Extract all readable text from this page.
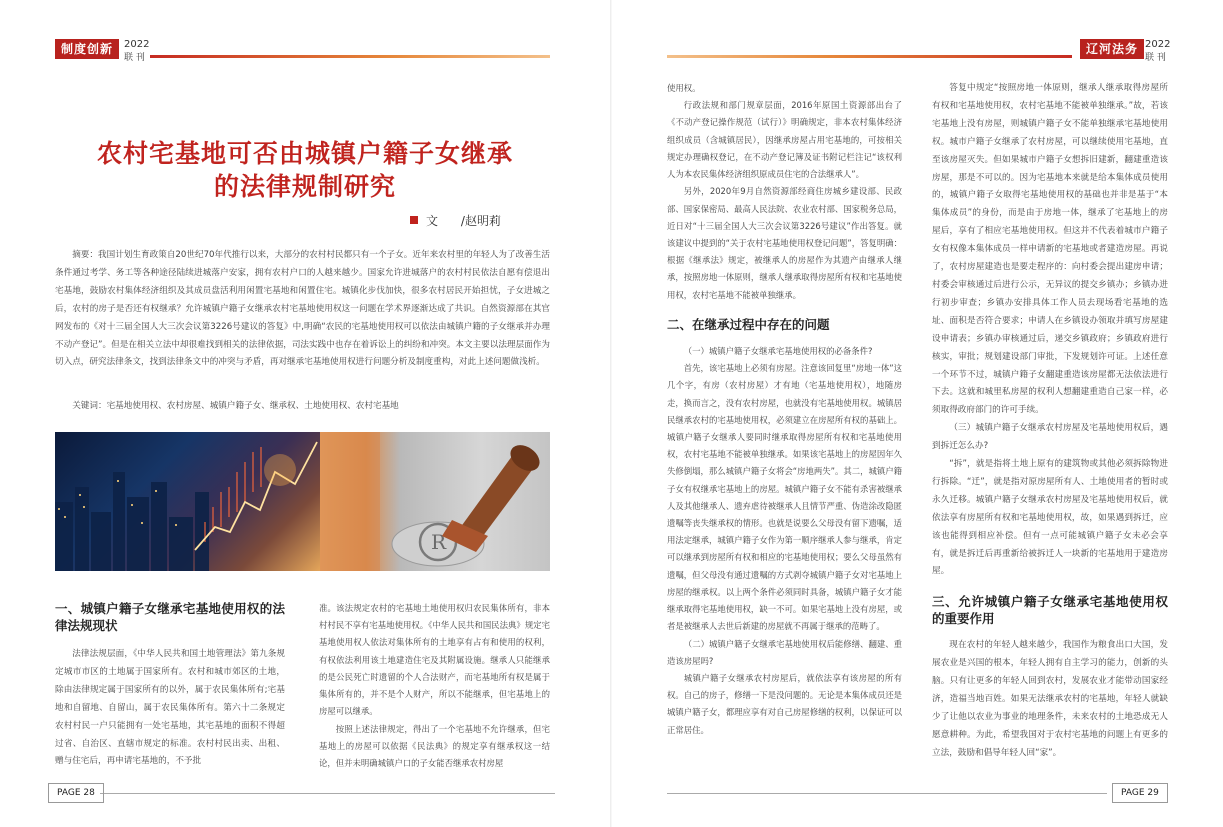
制度创新	2022
联 刊
农村宅基地可否由城镇户籍子女继承
的法律规制研究
文 /赵明莉
摘要：我国计划生育政策自20世纪70年代推行以来，大部分的农村村民都只有一个子女。近年来农村里的年轻人为了改善生活条件通过考学、务工等各种途径陆续进城落户安家，拥有农村户口的人越来越少。国家允许进城落户的农村村民依法自愿有偿退出宅基地，鼓励农村集体经济组织及其成员盘活利用闲置宅基地和闲置住宅。城镇化步伐加快，很多农村居民开始担忧，子女进城之后，农村的房子是否还有权继承？允许城镇户籍子女继承农村宅基地使用权这一问题在学术界逐渐达成了共识。自然资源部在其官网发布的《对十三届全国人大三次会议第3226号建议的答复》中,明确“农民的宅基地使用权可以依法由城镇户籍的子女继承并办理不动产登记”。但是在相关立法中却很难找到相关的法律依据，司法实践中也存在着诉讼上的纠纷和冲突。本文主要以法理层面作为切入点，研究法律条文，找到法律条文中的冲突与矛盾，再对继承宅基地使用权进行问题分析及制度重构，对此上述问题做浅析。
关键词：宅基地使用权、农村房屋、城镇户籍子女、继承权、土地使用权、农村宅基地
R
一、城镇户籍子女继承宅基地使用权的法律法规现状

法律法规层面，《中华人民共和国土地管理法》第九条规定城市市区的土地属于国家所有。农村和城市郊区的土地，除由法律规定属于国家所有的以外，属于农民集体所有;宅基地和自留地、自留山，属于农民集体所有。第六十二条规定农村村民一户只能拥有一处宅基地，其宅基地的面积不得超过省、自治区、直辖市规定的标准。农村村民出卖、出租、赠与住宅后，再申请宅基地的，不予批

准。该法规定农村的宅基地土地使用权归农民集体所有，非本村村民不享有宅基地使用权。《中华人民共和国民法典》规定宅基地使用权人依法对集体所有的土地享有占有和使用的权利，有权依法利用该土地建造住宅及其附属设施。继承人只能继承的是公民死亡时遗留的个人合法财产，而宅基地所有权是属于集体所有的，并不是个人财产，所以不能继承，但宅基地上的房屋可以继承。

按照上述法律规定，得出了一个宅基地不允许继承，但宅基地上的房屋可以依据《民法典》的规定享有继承权这一结论，但并未明确城镇户口的子女能否继承农村房屋

PAGE 28
辽河法务 2022
联 刊

使用权。

行政法规和部门规章层面，2016年原国土资源部出台了《不动产登记操作规范（试行）》明确规定，非本农村集体经济组织成员（含城镇居民），因继承房屋占用宅基地的，可按相关规定办理确权登记，在不动产登记簿及证书附记栏注记“该权利人为本农民集体经济组织原成员住宅的合法继承人”。

另外，2020年9月自然资源部经商住房城乡建设部、民政部、国家保密局、最高人民法院、农业农村部、国家税务总局，近日对“十三届全国人大三次会议第3226号建议”作出答复。就该建议中提到的“关于农村宅基地使用权登记问题”，答复明确：根据《继承法》规定，被继承人的房屋作为其遗产由继承人继承，按照房地一体原则，继承人继承取得房屋所有权和宅基地使用权，农村宅基地不能被单独继承。

二、在继承过程中存在的问题

（一）城镇户籍子女继承宅基地使用权的必备条件?

首先，该宅基地上必须有房屋。注意该回复里“房地一体”这几个字，有房（农村房屋）才有地（宅基地使用权），地随房走，换而言之，没有农村房屋，也就没有宅基地使用权。城镇居民继承农村的宅基地使用权，必须建立在房屋所有权的基础上。城镇户籍子女继承人要同时继承取得房屋所有权和宅基地使用权，农村宅基地不能被单独继承。如果该宅基地上的房屋因年久失修倒塌，那么城镇户籍子女将会“房地两失”。其二，城镇户籍子女有权继承宅基地上的房屋。城镇户籍子女不能有杀害被继承人及其他继承人、遗弃虐待被继承人且情节严重、伪造涂改隐匿遗嘱等丧失继承权的情形。也就是说要么父母没有留下遗嘱，适用法定继承，城镇户籍子女作为第一顺序继承人参与继承，肯定可以继承到房屋所有权和相应的宅基地使用权；要么父母虽然有遗嘱，但父母没有通过遗嘱的方式剥夺城镇户籍子女对宅基地上房屋的继承权。以上两个条件必须同时具备，城镇户籍子女才能继承取得宅基地使用权，缺一不可。如果宅基地上没有房屋，或者是被继承人去世后新建的房屋就不再属于继承的范畴了。

（二）城镇户籍子女继承宅基地使用权后能修缮、翻建、重造该房屋吗?

城镇户籍子女继承农村房屋后，就依法享有该房屋的所有权。自己的房子，修缮一下是没问题的。无论是本集体成员还是城镇户籍子女，都理应享有对自己房屋修缮的权利，以保证可以正常居住。

答复中规定“按照房地一体原则，继承人继承取得房屋所有权和宅基地使用权，农村宅基地不能被单独继承。”故，若该宅基地上没有房屋，则城镇户籍子女不能单独继承宅基地使用权。城市户籍子女继承了农村房屋，可以继续使用宅基地，直至该房屋灭失。但如果城市户籍子女想拆旧建新，翻建重造该房屋，那是不可以的。因为宅基地本来就是给本集体成员使用的，城镇户籍子女取得宅基地使用权的基础也并非是基于“本集体成员”的身份，而是由于房地一体，继承了宅基地上的房屋后，享有了相应宅基地使用权。但这并不代表着城市户籍子女有权像本集体成员一样申请新的宅基地或者建造房屋。再说了，农村房屋建造也是要走程序的：向村委会提出建房申请；村委会审核通过后进行公示，无异议的提交乡镇办；乡镇办进行初步审查；乡镇办安排具体工作人员去现场看宅基地的选址、面积是否符合要求；申请人在乡镇设办领取并填写房屋建设申请表；乡镇办审核通过后，递交乡镇政府；乡镇政府进行核实，审批；规划建设部门审批，下发规划许可证。上述任意一个环节不过，城镇户籍子女翻建重造该房屋都无法依法进行下去。这就和城里私房屋的权利人想翻建重造自己家一样，必须取得政府部门的许可手续。

（三）城镇户籍子女继承农村房屋及宅基地使用权后，遇到拆迁怎么办?

“拆”，就是指将土地上原有的建筑物或其他必须拆除物进行拆除。“迁”，就是指对原房屋所有人、土地使用者的暂时或永久迁移。城镇户籍子女继承农村房屋及宅基地使用权后，就依法享有房屋所有权和宅基地使用权，故，如果遇到拆迁，应该也能得到相应补偿。但有一点可能城镇户籍子女未必会享有，就是拆迁后再重新给被拆迁人一块新的宅基地用于建造房屋。

三、允许城镇户籍子女继承宅基地使用权的重要作用

现在农村的年轻人越来越少，我国作为粮食出口大国，发展农业是兴国的根本，年轻人拥有自主学习的能力，创新的头脑。只有让更多的年轻人回到农村，发展农业才能带动国家经济，造福当地百姓。如果无法继承农村的宅基地，年轻人就缺少了让他以农业为事业的地理条件，未来农村的土地恐成无人愿意耕种。为此，希望我国对于农村宅基地的问题上有更多的立法，鼓励和倡导年轻人回“家”。

PAGE 29
